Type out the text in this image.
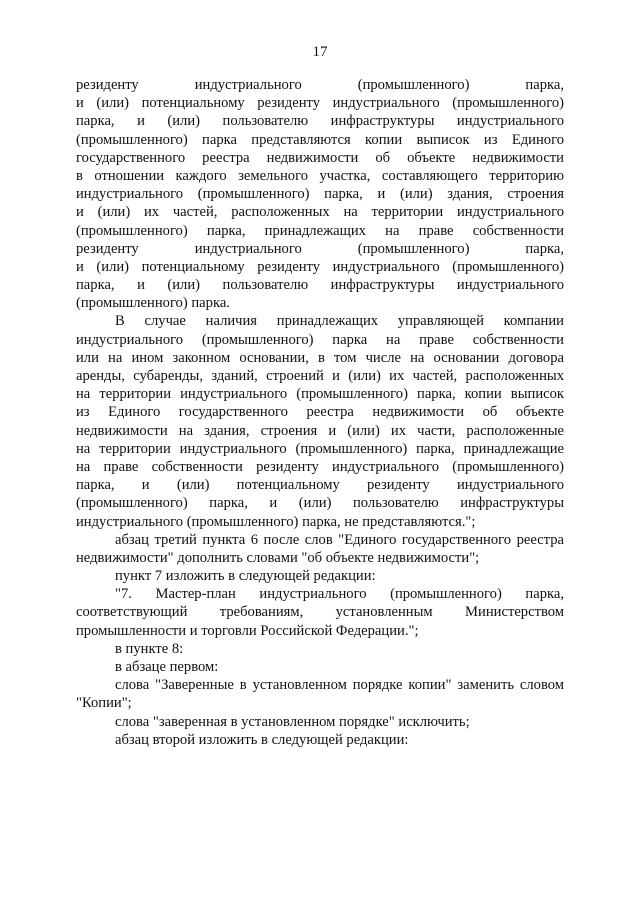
17
резиденту индустриального (промышленного) парка,
и (или) потенциальному резиденту индустриального (промышленного)
парка, и (или) пользователю инфраструктуры индустриального
(промышленного) парка представляются копии выписок из Единого
государственного реестра недвижимости об объекте недвижимости
в отношении каждого земельного участка, составляющего территорию
индустриального (промышленного) парка, и (или) здания, строения
и (или) их частей, расположенных на территории индустриального
(промышленного) парка, принадлежащих на праве собственности
резиденту индустриального (промышленного) парка,
и (или) потенциальному резиденту индустриального (промышленного)
парка, и (или) пользователю инфраструктуры индустриального
(промышленного) парка.
В случае наличия принадлежащих управляющей компании
индустриального (промышленного) парка на праве собственности
или на ином законном основании, в том числе на основании договора
аренды, субаренды, зданий, строений и (или) их частей, расположенных
на территории индустриального (промышленного) парка, копии выписок
из Единого государственного реестра недвижимости об объекте
недвижимости на здания, строения и (или) их части, расположенные
на территории индустриального (промышленного) парка, принадлежащие
на праве собственности резиденту индустриального (промышленного)
парка, и (или) потенциальному резиденту индустриального
(промышленного) парка, и (или) пользователю инфраструктуры
индустриального (промышленного) парка, не представляются.";
абзац третий пункта 6 после слов "Единого государственного реестра
недвижимости" дополнить словами "об объекте недвижимости";
пункт 7 изложить в следующей редакции:
"7. Мастер-план индустриального (промышленного) парка,
соответствующий требованиям, установленным Министерством
промышленности и торговли Российской Федерации.";
в пункте 8:
в абзаце первом:
слова "Заверенные в установленном порядке копии" заменить словом
"Копии";
слова "заверенная в установленном порядке" исключить;
абзац второй изложить в следующей редакции:
